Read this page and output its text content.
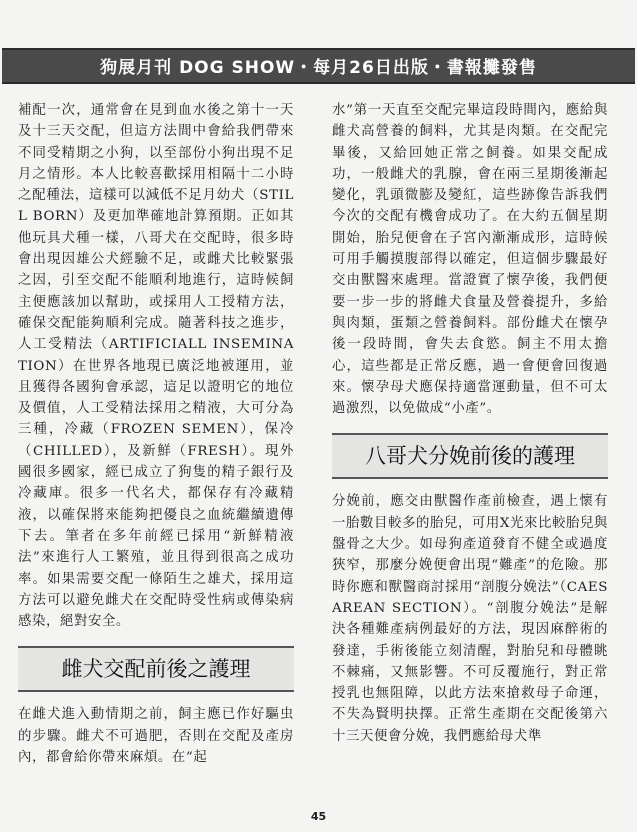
狗展月刊 DOG SHOW・每月26日出版・書報攤發售

補配一次，通常會在見到血水後之第十一天及十三天交配，但這方法間中會給我們帶來不同受精期之小狗，以至部份小狗出現不足月之情形。本人比較喜歡採用相隔十二小時之配種法，這樣可以減低不足月幼犬（STILL BORN）及更加準確地計算預期。正如其他玩具犬種一樣，八哥犬在交配時，很多時會出現因雄公犬經驗不足，或雌犬比較緊張之因，引至交配不能順利地進行，這時候飼主便應該加以幫助，或採用人工授精方法，確保交配能夠順利完成。隨著科技之進步，人工受精法（ARTIFICIALL INSEMINATION）在世界各地現已廣泛地被運用，並且獲得各國狗會承認，這足以證明它的地位及價值，人工受精法採用之精液，大可分為三種，冷藏（FROZEN SEMEN），保冷（CHILLED），及新鮮（FRESH）。現外國很多國家，經已成立了狗隻的精子銀行及冷藏庫。很多一代名犬，都保存有冷藏精液，以確保將來能夠把優良之血統繼續遺傳下去。筆者在多年前經已採用“新鮮精液法”來進行人工繁殖，並且得到很高之成功率。如果需要交配一條陌生之雄犬，採用這方法可以避免雌犬在交配時受性病或傳染病感染，絕對安全。

雌犬交配前後之護理

在雌犬進入動情期之前，飼主應已作好驅虫的步驟。雌犬不可過肥，否則在交配及產房內，都會給你帶來麻煩。在“起

水”第一天直至交配完畢這段時間內，應給與雌犬高營養的飼料，尤其是肉類。在交配完畢後，又給回她正常之飼養。如果交配成功，一般雌犬的乳腺，會在兩三星期後漸起變化，乳頭微膨及變紅，這些跡像告訴我們今次的交配有機會成功了。在大約五個星期開始，胎兒便會在子宮內漸漸成形，這時候可用手觸摸腹部得以確定，但這個步驟最好交由獸醫來處理。當證實了懷孕後，我們便要一步一步的將雌犬食量及營養提升，多給與肉類，蛋類之營養飼料。部份雌犬在懷孕後一段時間，會失去食慾。飼主不用太擔心，這些都是正常反應，過一會便會回復過來。懷孕母犬應保持適當運動量，但不可太過激烈，以免做成“小產”。

八哥犬分娩前後的護理

分娩前，應交由獸醫作產前檢查，遇上懷有一胎數目較多的胎兒，可用X光來比較胎兒與盤骨之大少。如母狗產道發育不健全或過度狹窄，那麼分娩便會出現“難產”的危險。那時你應和獸醫商討採用“剖腹分娩法”（CAESAREAN SECTION）。“剖腹分娩法”是解決各種難產病例最好的方法，現因麻醉術的發達，手術後能立刻清醒，對胎兒和母體眺不棘痛，又無影響。不可反覆施行，對正常授乳也無阻障，以此方法來搶救母子命運，不失為賢明抉擇。正常生產期在交配後第六十三天便會分娩，我們應給母犬準

45
